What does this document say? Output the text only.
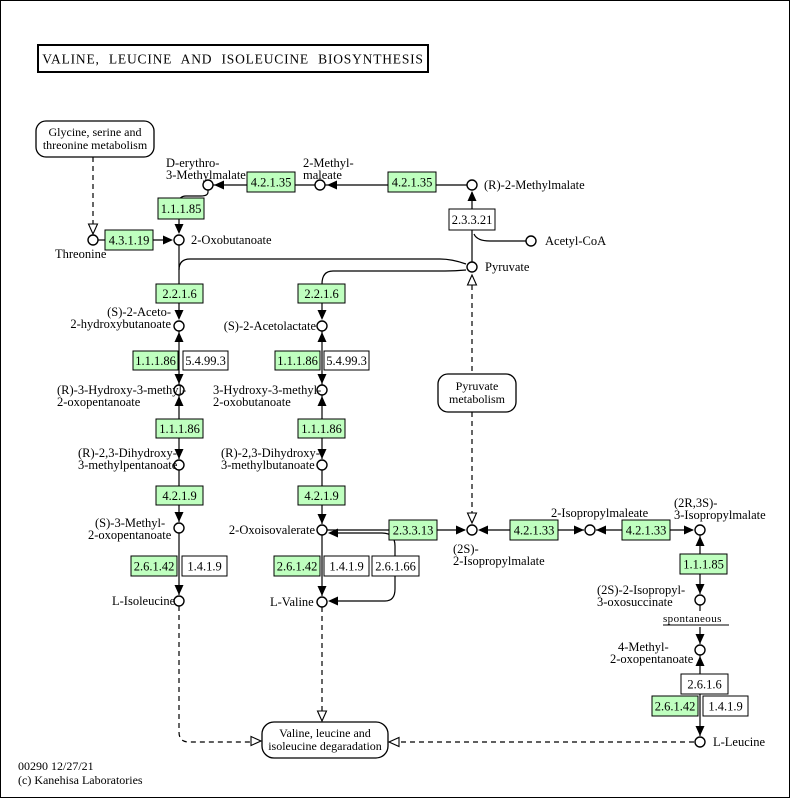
VALINE, LEUCINE AND ISOLEUCINE BIOSYNTHESIS
Glycine, serine and
threonine metabolism
Pyruvate
metabolism
Valine, leucine and
isoleucine degaradation
4.2.1.35	4.2.1.35
1.1.1.85
4.3.1.19
2.3.3.21
2.2.1.6	2.2.1.6
1.1.1.86 5.4.99.3	1.1.1.86 5.4.99.3
1.1.1.86	1.1.1.86
4.2.1.9	4.2.1.9
2.3.3.13	4.2.1.33	4.2.1.33
1.1.1.85
2.6.1.42 1.4.1.9	2.6.1.42 1.4.1.9 2.6.1.66
2.6.1.6
2.6.1.42 1.4.1.9
spontaneous
D-erythro-
3-Methylmalate
2-Methyl-
maleate
(R)-2-Methylmalate
Acetyl-CoA
Pyruvate
Threonine
2-Oxobutanoate
(S)-2-Aceto-
2-hydroxybutanoate	(S)-2-Acetolactate
(R)-3-Hydroxy-3-methyl-
2-oxopentanoate
3-Hydroxy-3-methyl-
2-oxobutanoate
(R)-2,3-Dihydroxy-
3-methylpentanoate
(R)-2,3-Dihydroxy-
3-methylbutanoate
(S)-3-Methyl-
2-oxopentanoate	2-Oxoisovalerate
(2S)-
2-Isopropylmalate
2-Isopropylmaleate
(2R,3S)-
3-Isopropylmalate
(2S)-2-Isopropyl-
3-oxosuccinate
4-Methyl-
2-oxopentanoate
L-Isoleucine	L-Valine
L-Leucine
00290 12/27/21
(c) Kanehisa Laboratories
